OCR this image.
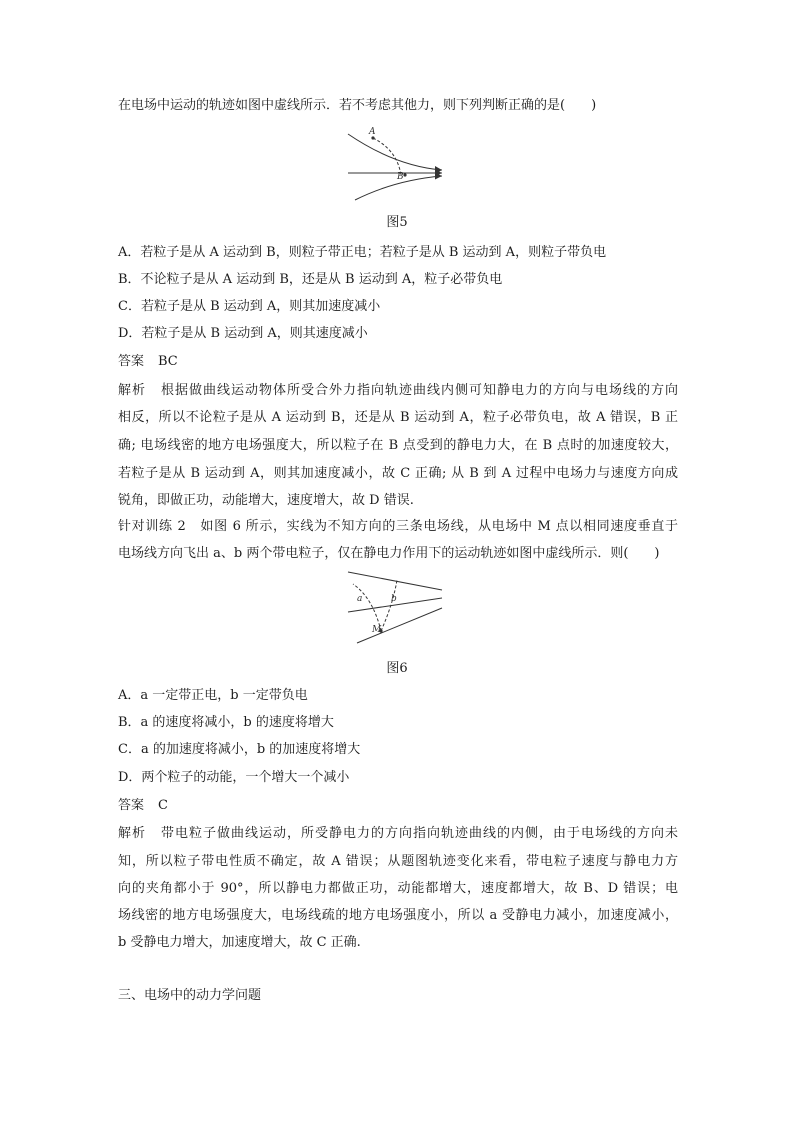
在电场中运动的轨迹如图中虚线所示．若不考虑其他力，则下列判断正确的是(　　)
A
B
图5
A．若粒子是从 A 运动到 B，则粒子带正电；若粒子是从 B 运动到 A，则粒子带负电
B．不论粒子是从 A 运动到 B，还是从 B 运动到 A，粒子必带负电
C．若粒子是从 B 运动到 A，则其加速度减小
D．若粒子是从 B 运动到 A，则其速度减小
答案 BC
解析 根据做曲线运动物体所受合外力指向轨迹曲线内侧可知静电力的方向与电场线的方向
相反，所以不论粒子是从 A 运动到 B，还是从 B 运动到 A，粒子必带负电，故 A 错误，B 正
确; 电场线密的地方电场强度大，所以粒子在 B 点受到的静电力大，在 B 点时的加速度较大，
若粒子是从 B 运动到 A，则其加速度减小，故 C 正确; 从 B 到 A 过程中电场力与速度方向成
锐角，即做正功，动能增大，速度增大，故 D 错误.
针对训练 2 如图 6 所示，实线为不知方向的三条电场线，从电场中 M 点以相同速度垂直于
电场线方向飞出 a、b 两个带电粒子，仅在静电力作用下的运动轨迹如图中虚线所示．则(　　)
a	b
M
图6
A．a 一定带正电，b 一定带负电
B．a 的速度将减小，b 的速度将增大
C．a 的加速度将减小，b 的加速度将增大
D．两个粒子的动能，一个增大一个减小
答案 C
解析 带电粒子做曲线运动，所受静电力的方向指向轨迹曲线的内侧，由于电场线的方向未
知，所以粒子带电性质不确定，故 A 错误；从题图轨迹变化来看，带电粒子速度与静电力方
向的夹角都小于 90°，所以静电力都做正功，动能都增大，速度都增大，故 B、D 错误；电
场线密的地方电场强度大，电场线疏的地方电场强度小，所以 a 受静电力减小，加速度减小，
b 受静电力增大，加速度增大，故 C 正确.
三、电场中的动力学问题
